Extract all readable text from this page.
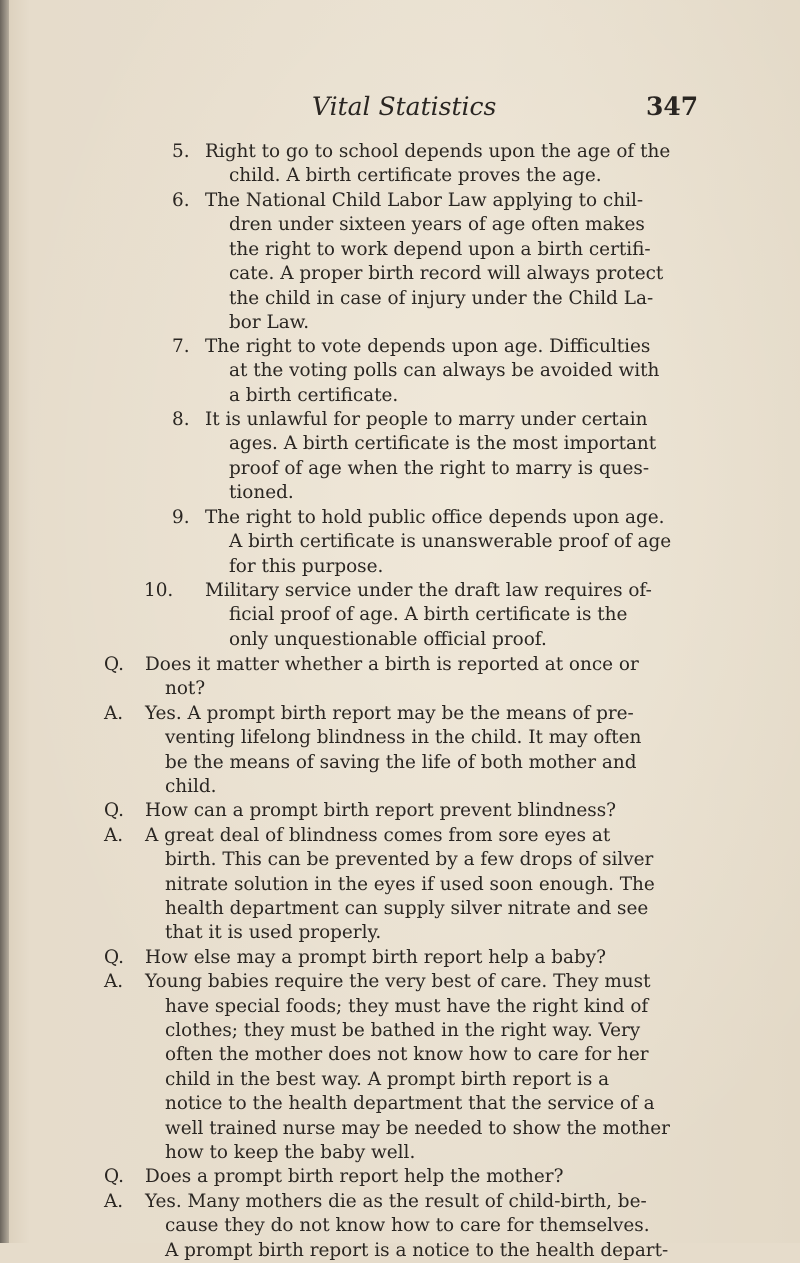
Vital Statistics	347
5. Right to go to school depends upon the age of the
child. A birth certificate proves the age.
6. The National Child Labor Law applying to chil-
dren under sixteen years of age often makes
the right to work depend upon a birth certifi-
cate. A proper birth record will always protect
the child in case of injury under the Child La-
bor Law.
7. The right to vote depends upon age. Difficulties
at the voting polls can always be avoided with
a birth certificate.
8. It is unlawful for people to marry under certain
ages. A birth certificate is the most important
proof of age when the right to marry is ques-
tioned.
9. The right to hold public office depends upon age.
A birth certificate is unanswerable proof of age
for this purpose.
10. Military service under the draft law requires of-
ficial proof of age. A birth certificate is the
only unquestionable official proof.
Q. Does it matter whether a birth is reported at once or
not?
A. Yes. A prompt birth report may be the means of pre-
venting lifelong blindness in the child. It may often
be the means of saving the life of both mother and
child.
Q. How can a prompt birth report prevent blindness?
A. A great deal of blindness comes from sore eyes at
birth. This can be prevented by a few drops of silver
nitrate solution in the eyes if used soon enough. The
health department can supply silver nitrate and see
that it is used properly.
Q. How else may a prompt birth report help a baby?
A. Young babies require the very best of care. They must
have special foods; they must have the right kind of
clothes; they must be bathed in the right way. Very
often the mother does not know how to care for her
child in the best way. A prompt birth report is a
notice to the health department that the service of a
well trained nurse may be needed to show the mother
how to keep the baby well.
Q. Does a prompt birth report help the mother?
A. Yes. Many mothers die as the result of child-birth, be-
cause they do not know how to care for themselves.
A prompt birth report is a notice to the health depart-
